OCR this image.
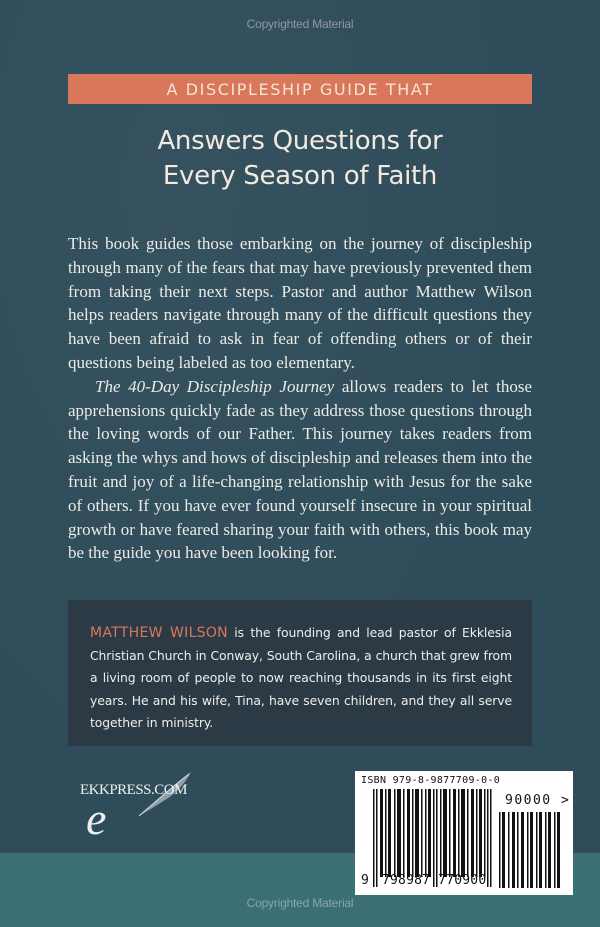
Copyrighted Material
A DISCIPLESHIP GUIDE THAT
Answers Questions for
Every Season of Faith

This book guides those embarking on the journey of discipleship through many of the fears that may have previously prevented them from taking their next steps. Pastor and author Matthew Wilson helps readers navigate through many of the difficult questions they have been afraid to ask in fear of offending others or of their questions being labeled as too elementary.

The 40-Day Discipleship Journey allows readers to let those apprehensions quickly fade as they address those questions through the loving words of our Father. This journey takes readers from asking the whys and hows of discipleship and releases them into the fruit and joy of a life-changing relationship with Jesus for the sake of others. If you have ever found yourself insecure in your spiritual growth or have feared sharing your faith with others, this book may be the guide you have been looking for.

MATTHEW WILSON is the founding and lead pastor of Ekklesia Christian Church in Conway, South Carolina, a church that grew from a living room of people to now reaching thousands in its first eight years. He and his wife, Tina, have seven children, and they all serve together in ministry.
EKKPRESS.COM
e
ISBN 979-8-9877709-0-0
90000 >
9 798987 770900
Copyrighted Material
